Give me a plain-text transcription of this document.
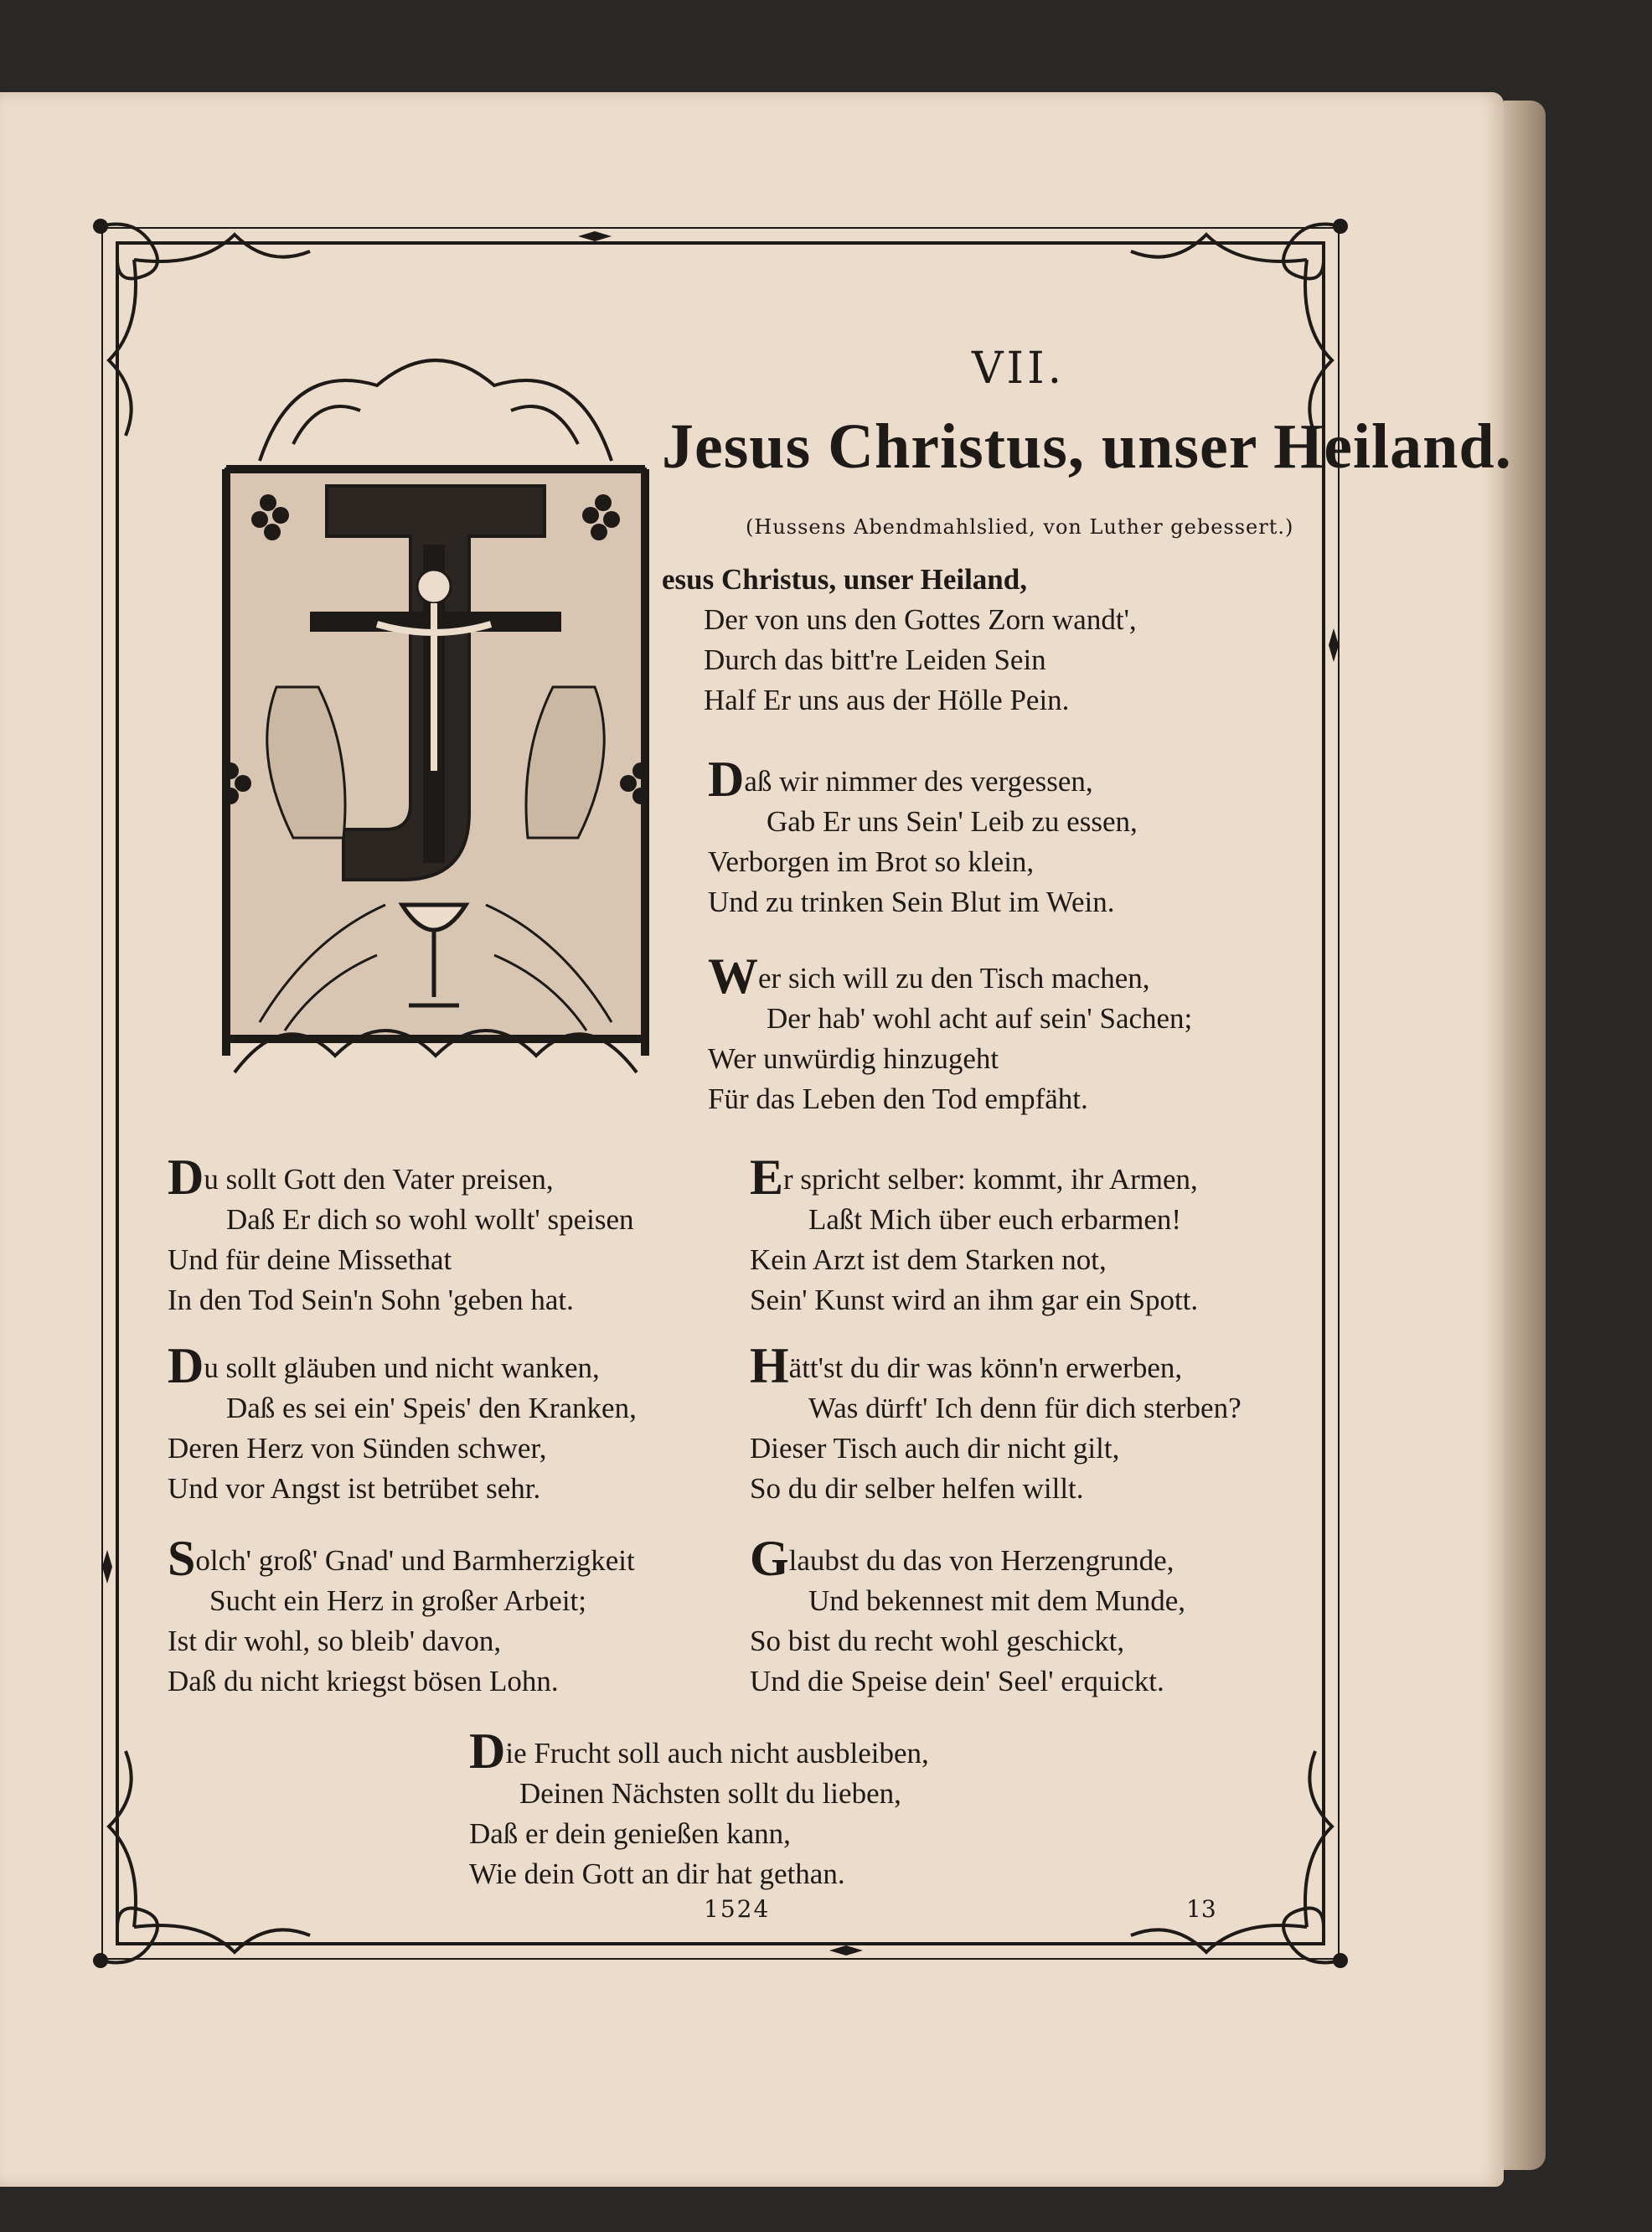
VII.
Jesus Christus, unser Heiland.
(Hussens Abendmahlslied, von Luther gebessert.)
esus Christus, unser Heiland,
Der von uns den Gottes Zorn wandt',
Durch das bitt're Leiden Sein
Half Er uns aus der Hölle Pein.
Daß wir nimmer des vergessen,
Gab Er uns Sein' Leib zu essen,
Verborgen im Brot so klein,
Und zu trinken Sein Blut im Wein.
Wer sich will zu den Tisch machen,
Der hab' wohl acht auf sein' Sachen;
Wer unwürdig hinzugeht
Für das Leben den Tod empfäht.
Du sollt Gott den Vater preisen,
Daß Er dich so wohl wollt' speisen
Und für deine Missethat
In den Tod Sein'n Sohn 'geben hat.
Du sollt gläuben und nicht wanken,
Daß es sei ein' Speis' den Kranken,
Deren Herz von Sünden schwer,
Und vor Angst ist betrübet sehr.
Solch' groß' Gnad' und Barmherzigkeit
Sucht ein Herz in großer Arbeit;
Ist dir wohl, so bleib' davon,
Daß du nicht kriegst bösen Lohn.
Er spricht selber: kommt, ihr Armen,
Laßt Mich über euch erbarmen!
Kein Arzt ist dem Starken not,
Sein' Kunst wird an ihm gar ein Spott.
Hätt'st du dir was könn'n erwerben,
Was dürft' Ich denn für dich sterben?
Dieser Tisch auch dir nicht gilt,
So du dir selber helfen willt.
Glaubst du das von Herzengrunde,
Und bekennest mit dem Munde,
So bist du recht wohl geschickt,
Und die Speise dein' Seel' erquickt.
Die Frucht soll auch nicht ausbleiben,
Deinen Nächsten sollt du lieben,
Daß er dein genießen kann,
Wie dein Gott an dir hat gethan.
1524	13
